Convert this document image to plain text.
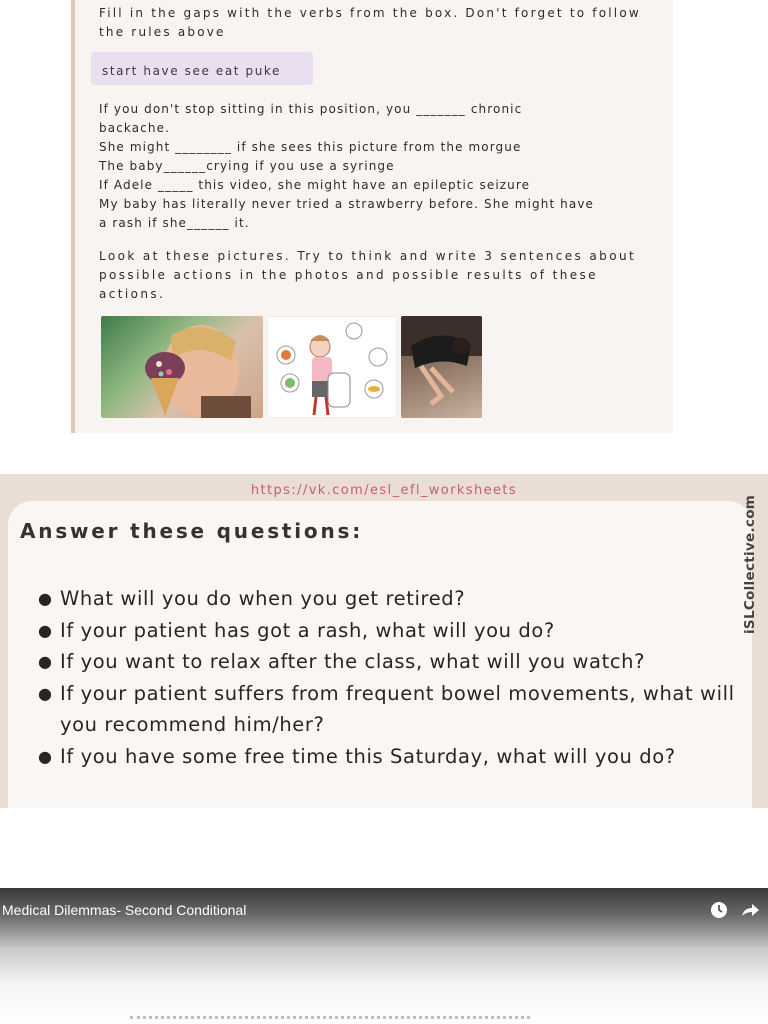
Fill in the gaps with the verbs from the box. Don't forget to follow the rules above

start have see eat puke
If you don't stop sitting in this position, you _______ chronic
backache.
She might ________ if she sees this picture from the morgue
The baby______crying if you use a syringe
If Adele _____ this video, she might have an epileptic seizure
My baby has literally never tried a strawberry before. She might have
a rash if she______ it.

Look at these pictures. Try to think and write 3 sentences about possible actions in the photos and possible results of these actions.

https://vk.com/esl_efl_worksheets
Answer these questions:
● What will you do when you get retired?
● If your patient has got a rash, what will you do?
● If you want to relax after the class, what will you watch?
● If your patient suffers from frequent bowel movements, what will you recommend him/her?
● If you have some free time this Saturday, what will you do?
iSLCollective.com
Medical Dilemmas- Second Conditional
